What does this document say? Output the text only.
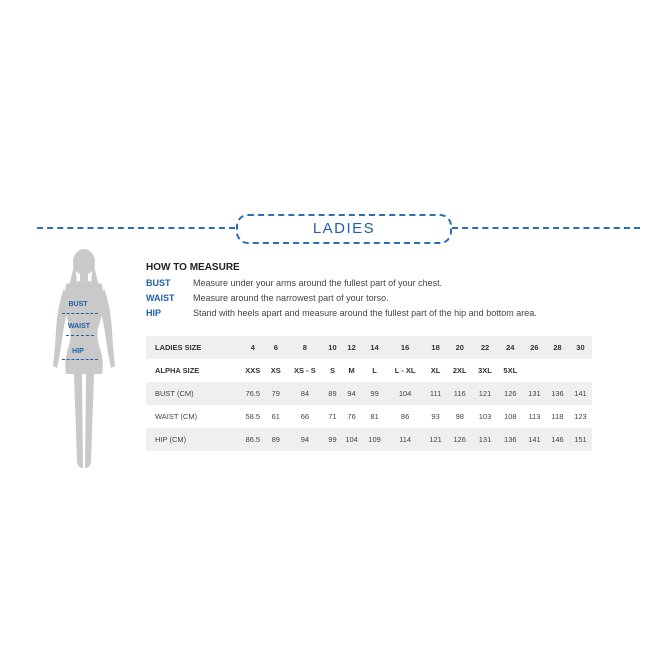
LADIES
BUST
WAIST
HIP
HOW TO MEASURE
BUST	Measure under your arms around the fullest part of your chest.
WAIST Measure around the narrowest part of your torso.
HIP	Stand with heels apart and measure around the fullest part of the hip and bottom area.
LADIES SIZE	4	6	8	10	12	14	16	18	20	22	24	26	28	30
ALPHA SIZE	XXS	XS	XS - S	S	M	L	L - XL	XL	2XL	3XL	5XL			
BUST (CM)	76.5	79	84	89	94	99	104	111	116	121	126	131	136	141
WAIST (CM)	58.5	61	66	71	76	81	86	93	98	103	108	113	118	123
HIP (CM)	86.5	89	94	99	104	109	114	121	126	131	136	141	146	151
